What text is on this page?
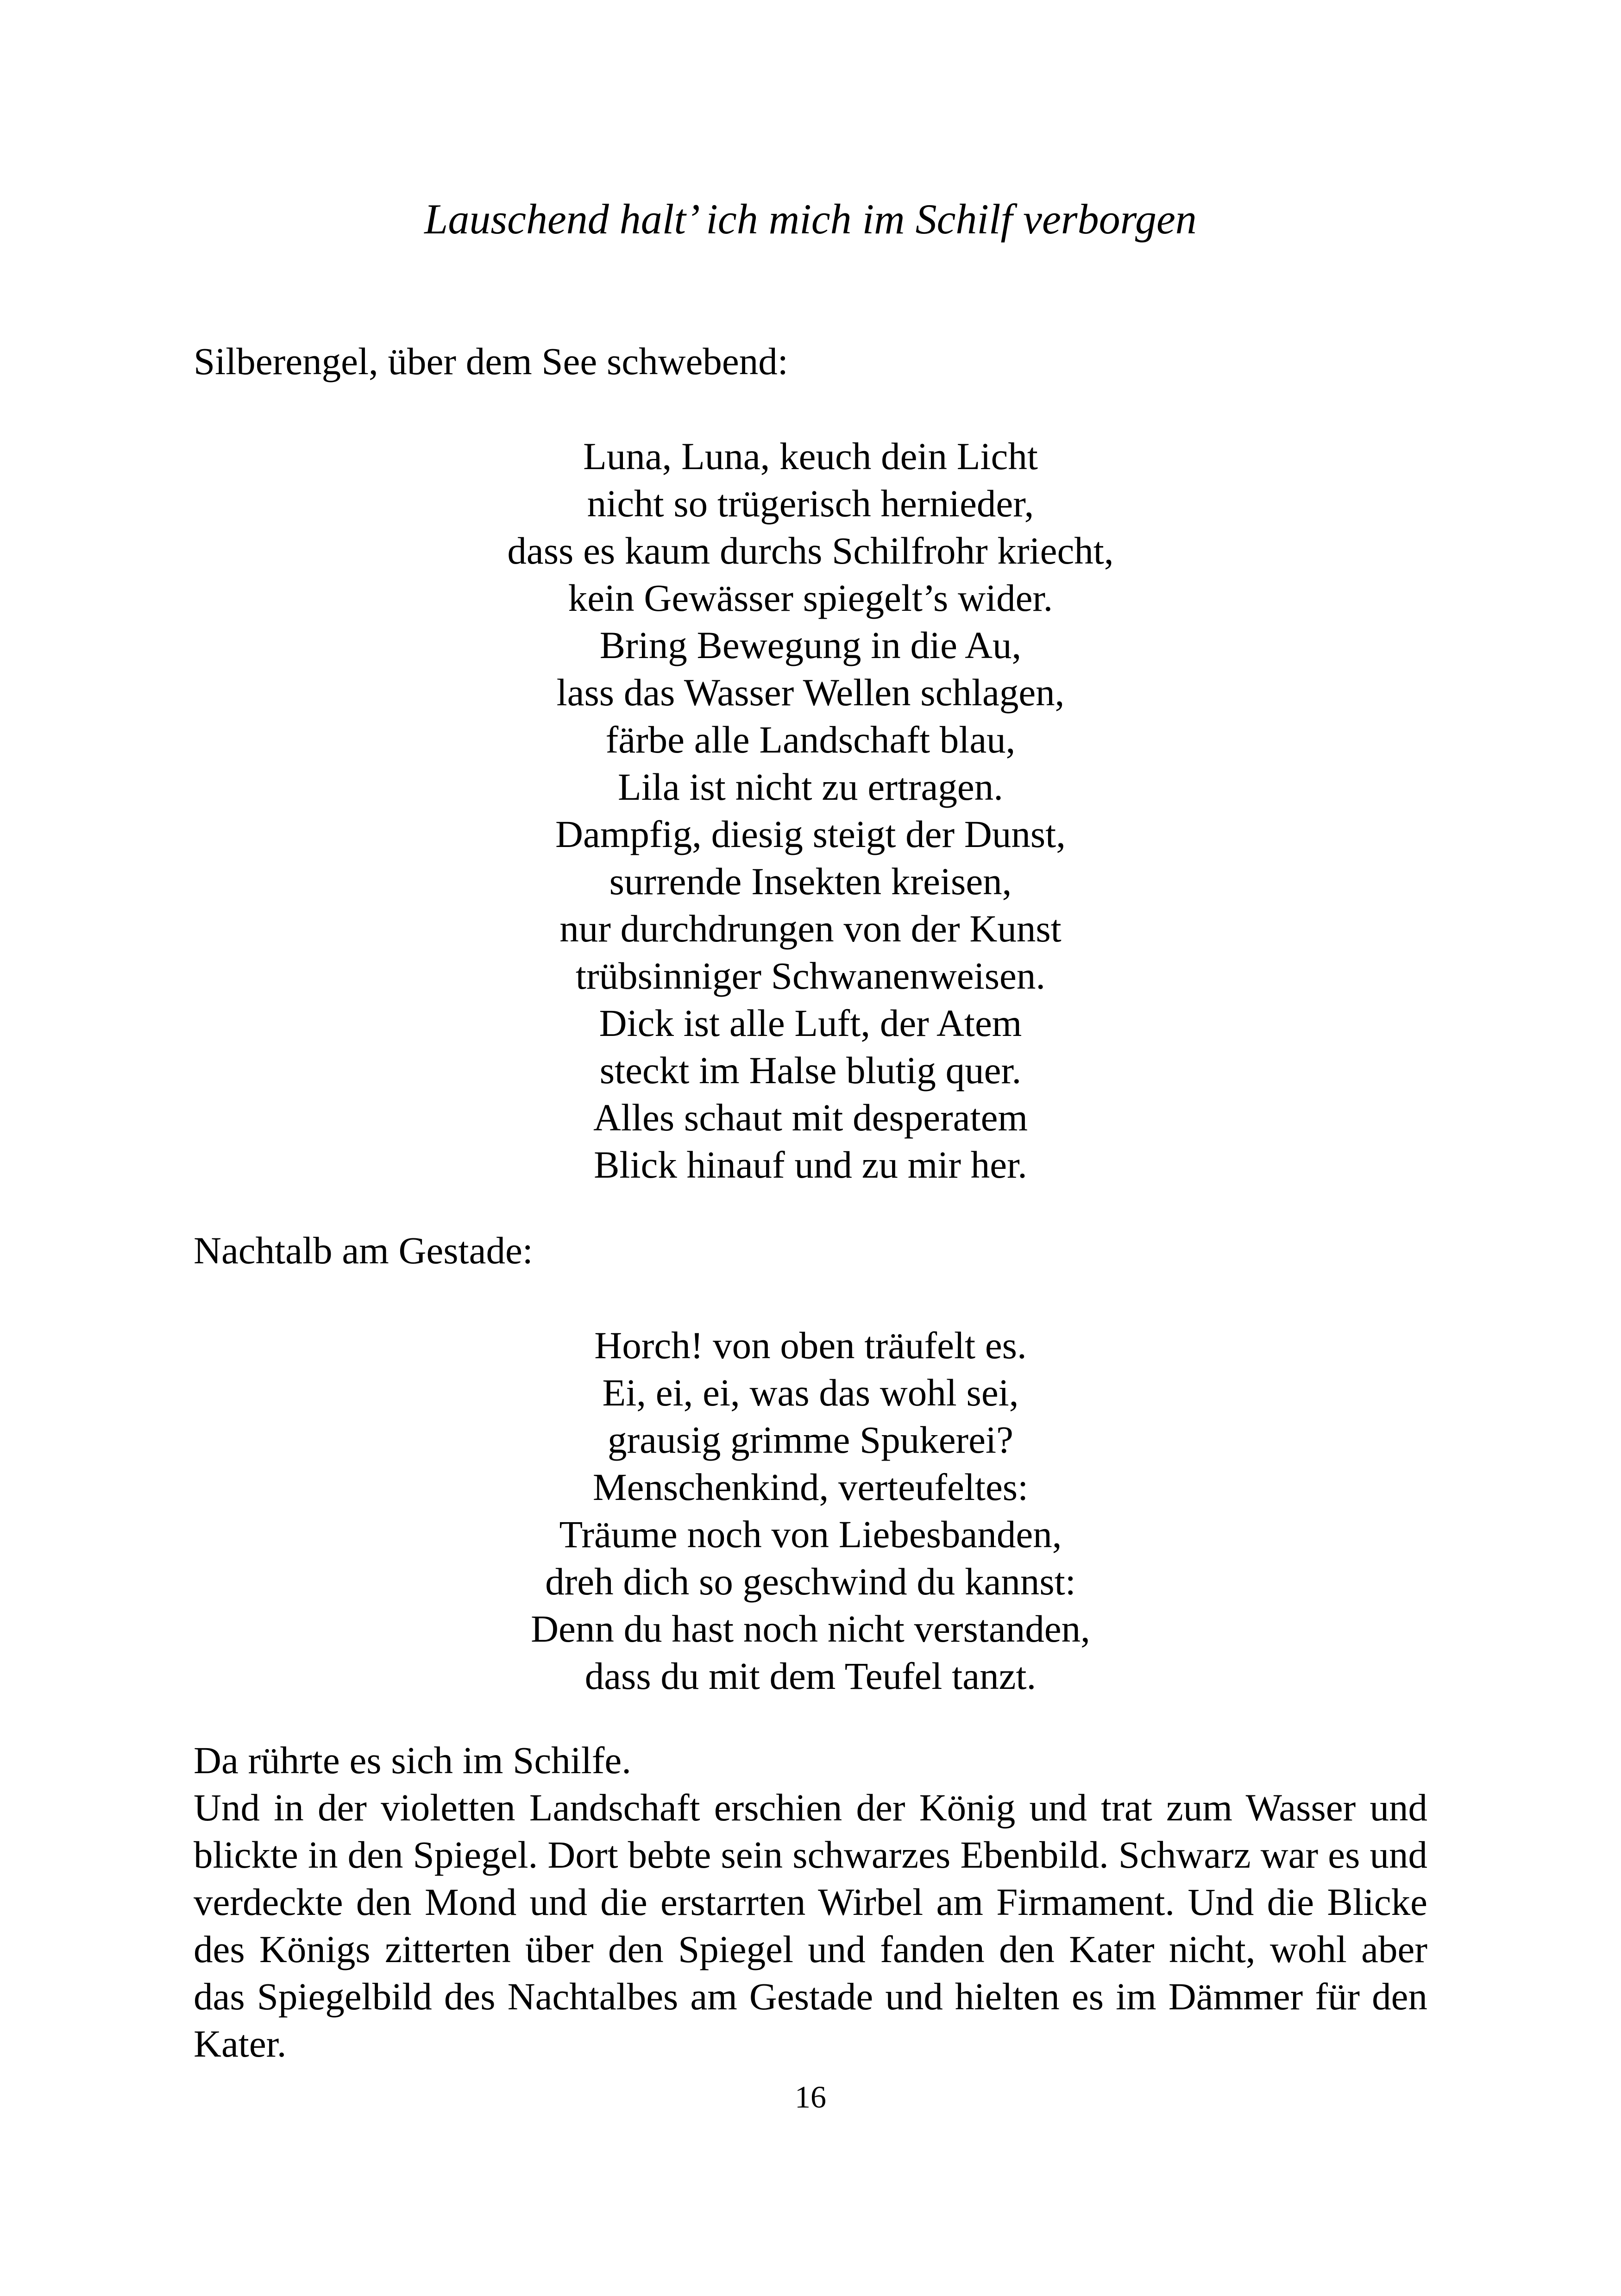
Lauschend halt’ ich mich im Schilf verborgen

Silberengel, über dem See schwebend:

Luna, Luna, keuch dein Licht
nicht so trügerisch hernieder,
dass es kaum durchs Schilfrohr kriecht,
kein Gewässer spiegelt’s wider.
Bring Bewegung in die Au,
lass das Wasser Wellen schlagen,
färbe alle Landschaft blau,
Lila ist nicht zu ertragen.
Dampfig, diesig steigt der Dunst,
surrende Insekten kreisen,
nur durchdrungen von der Kunst
trübsinniger Schwanenweisen.
Dick ist alle Luft, der Atem
steckt im Halse blutig quer.
Alles schaut mit desperatem
Blick hinauf und zu mir her.

Nachtalb am Gestade:

Horch! von oben träufelt es.
Ei, ei, ei, was das wohl sei,
grausig grimme Spukerei?
Menschenkind, verteufeltes:
Träume noch von Liebesbanden,
dreh dich so geschwind du kannst:
Denn du hast noch nicht verstanden,
dass du mit dem Teufel tanzt.
Da rührte es sich im Schilfe.
Und in der violetten Landschaft erschien der König und trat zum Wasser und blickte in den Spiegel. Dort bebte sein schwarzes Ebenbild. Schwarz war es und verdeckte den Mond und die erstarrten Wirbel am Firmament. Und die Blicke des Königs zitterten über den Spiegel und fanden den Kater nicht, wohl aber das Spiegelbild des Nachtalbes am Gestade und hielten es im Dämmer für den Kater.

16
